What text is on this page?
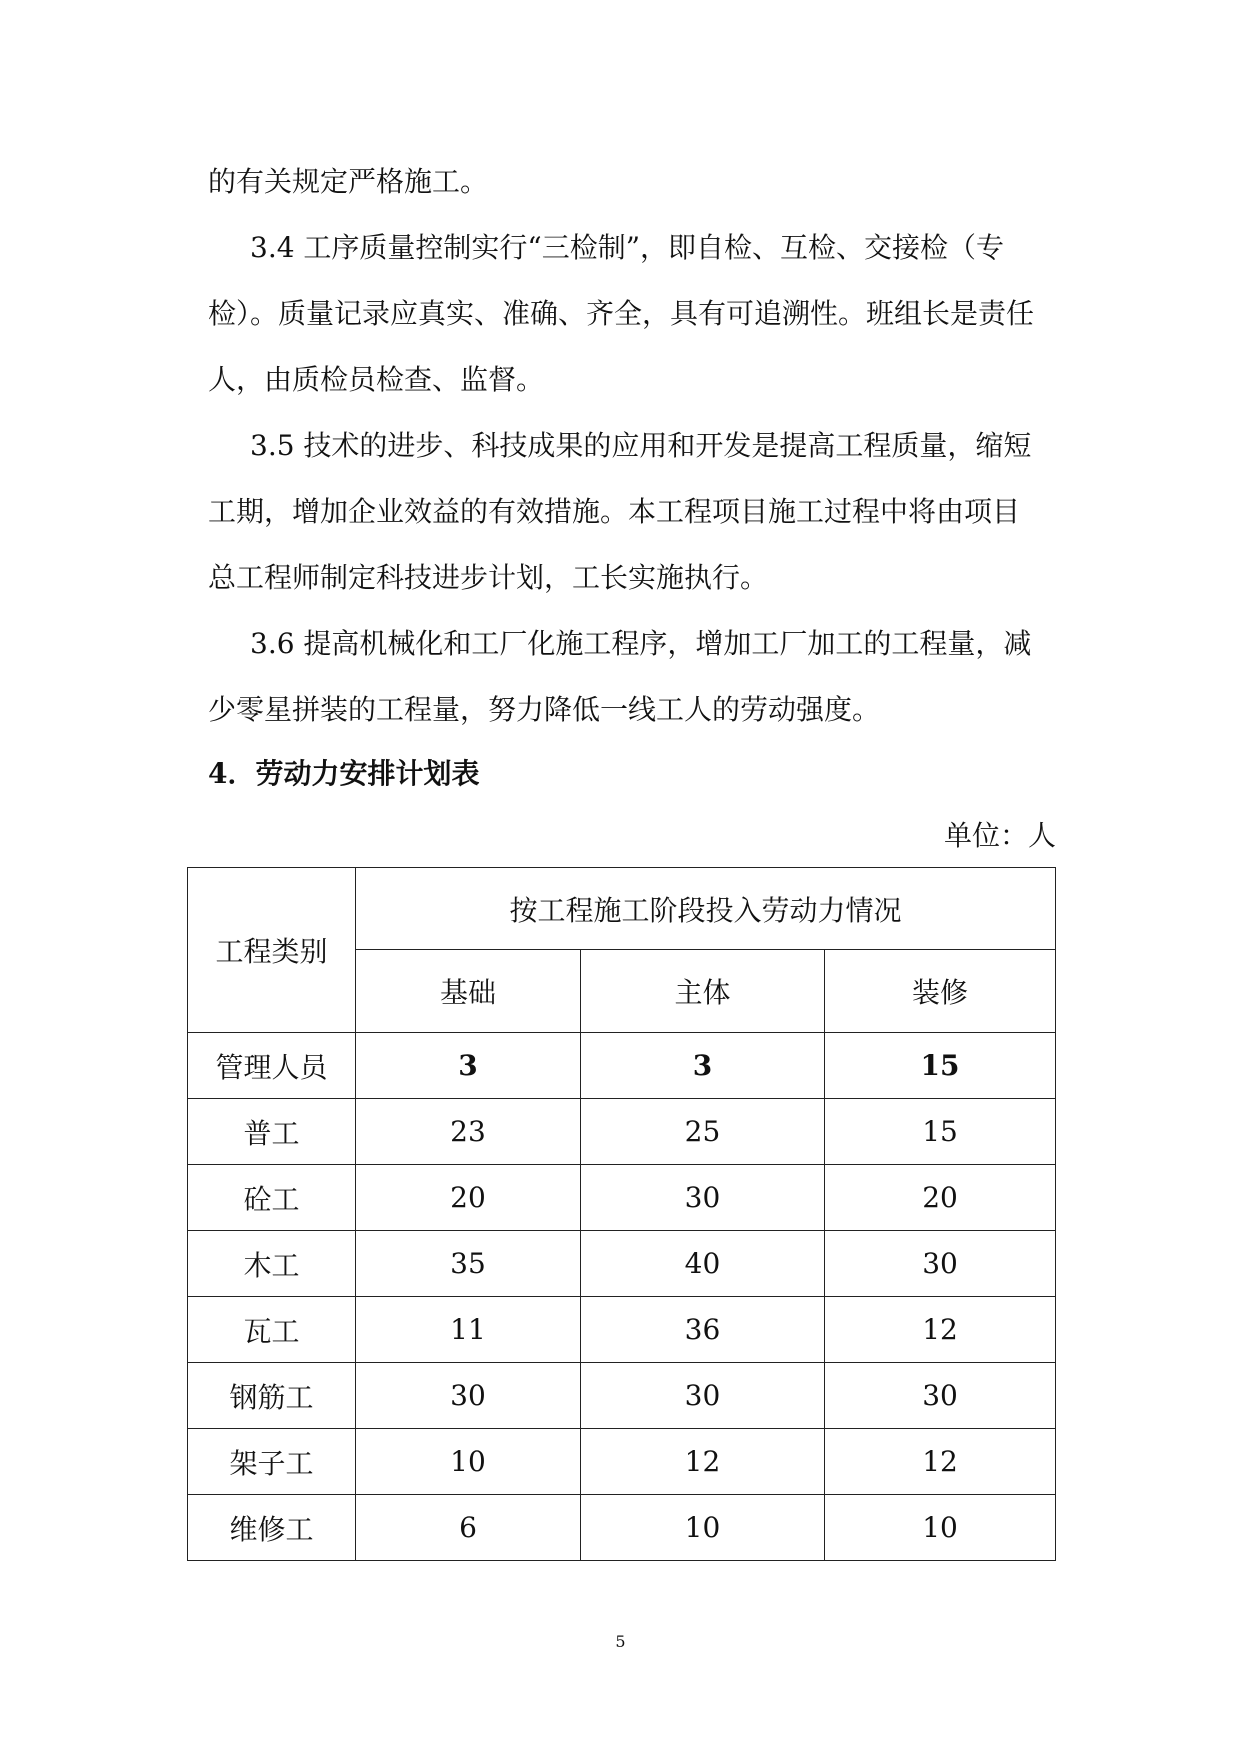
的有关规定严格施工。
3.4 工序质量控制实行“三检制”，即自检、互检、交接检（专
检）。质量记录应真实、准确、齐全，具有可追溯性。班组长是责任
人，由质检员检查、监督。
3.5 技术的进步、科技成果的应用和开发是提高工程质量，缩短
工期，增加企业效益的有效措施。本工程项目施工过程中将由项目
总工程师制定科技进步计划，工长实施执行。
3.6 提高机械化和工厂化施工程序，增加工厂加工的工程量，减
少零星拼装的工程量，努力降低一线工人的劳动强度。
4．劳动力安排计划表
单位：人
工程类别	按工程施工阶段投入劳动力情况		
	基础	主体	装修
管理人员	3	3	15
普工	23	25	15
砼工	20	30	20
木工	35	40	30
瓦工	11	36	12
钢筋工	30	30	30
架子工	10	12	12
维修工	6	10	10
5
